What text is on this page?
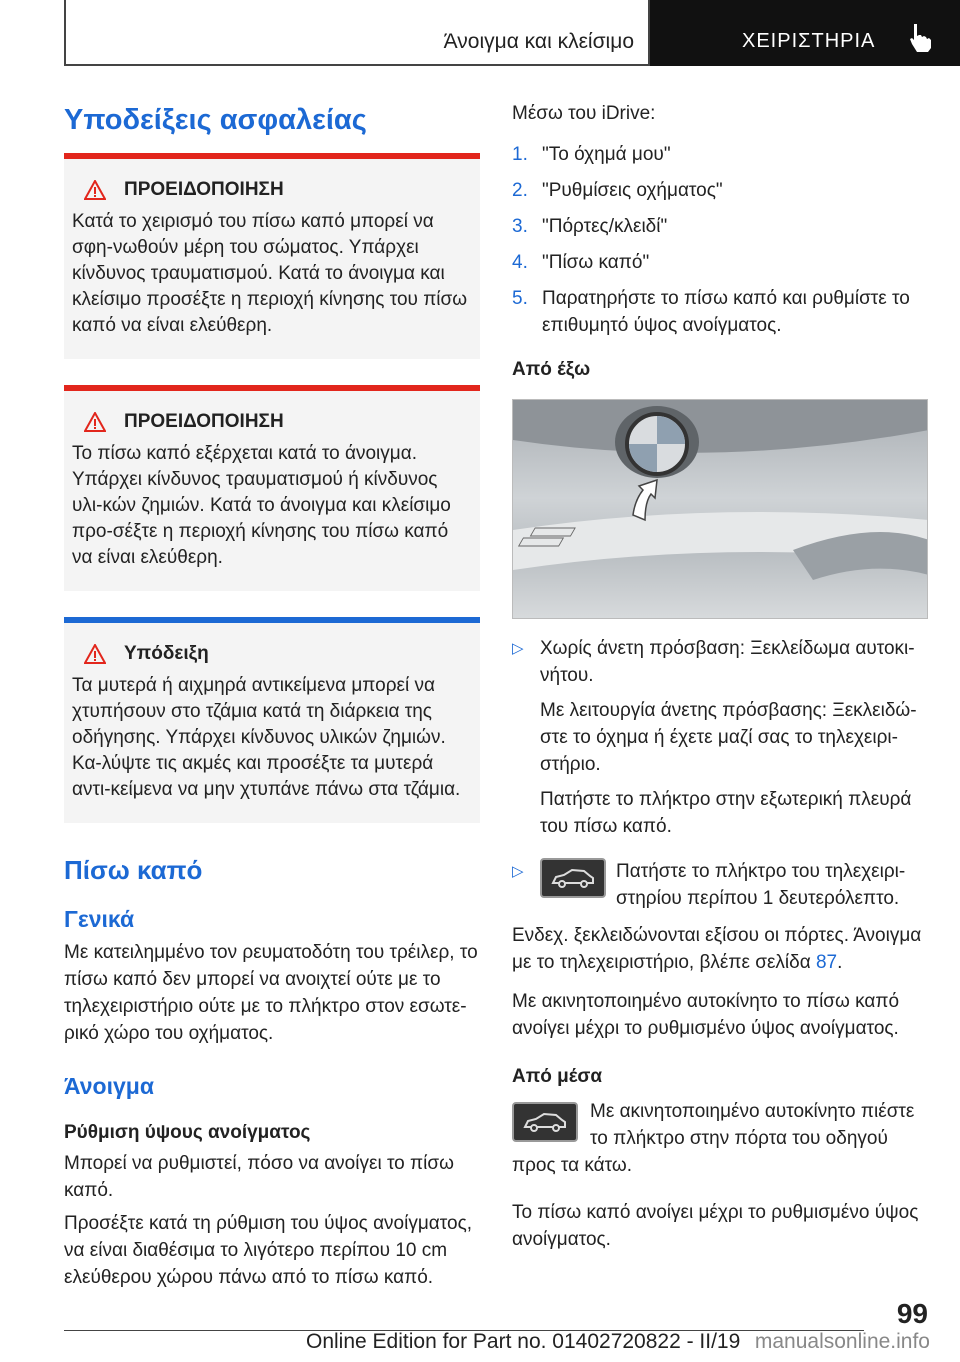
Άνοιγμα και κλείσιμο	ΧΕΙΡΙΣΤΗΡΙΑ
Υποδείξεις ασφαλείας
ΠΡΟΕΙΔΟΠΟΙΗΣΗ

Κατά το χειρισμό του πίσω καπό μπορεί να σφη-νωθούν μέρη του σώματος. Υπάρχει κίνδυνος τραυματισμού. Κατά το άνοιγμα και κλείσιμο προσέξτε η περιοχή κίνησης του πίσω καπό να είναι ελεύθερη.

ΠΡΟΕΙΔΟΠΟΙΗΣΗ

Το πίσω καπό εξέρχεται κατά το άνοιγμα. Υπάρχει κίνδυνος τραυματισμού ή κίνδυνος υλι-κών ζημιών. Κατά το άνοιγμα και κλείσιμο προ-σέξτε η περιοχή κίνησης του πίσω καπό να είναι ελεύθερη.

Υπόδειξη

Τα μυτερά ή αιχμηρά αντικείμενα μπορεί να χτυπήσουν στο τζάμια κατά τη διάρκεια της οδήγησης. Υπάρχει κίνδυνος υλικών ζημιών. Κα-λύψτε τις ακμές και προσέξτε τα μυτερά αντι-κείμενα να μην χτυπάνε πάνω στα τζάμια.

Πίσω καπό
Γενικά

Με κατειλημμένο τον ρευματοδότη του τρέιλερ, το πίσω καπό δεν μπορεί να ανοιχτεί ούτε με το τηλεχειριστήριο ούτε με το πλήκτρο στον εσωτε-ρικό χώρο του οχήματος.

Άνοιγμα
Ρύθμιση ύψους ανοίγματος

Μπορεί να ρυθμιστεί, πόσο να ανοίγει το πίσω καπό.

Προσέξτε κατά τη ρύθμιση του ύψος ανοίγματος, να είναι διαθέσιμα το λιγότερο περίπου 10 cm ελεύθερου χώρου πάνω από το πίσω καπό.

Μέσω του iDrive:

1. "Το όχημά μου"
2. "Ρυθμίσεις οχήματος"
3. "Πόρτες/κλειδί"
4. "Πίσω καπό"
5. Παρατηρήστε το πίσω καπό και ρυθμίστε το επιθυμητό ύψος ανοίγματος.
Από έξω
▷ Χωρίς άνετη πρόσβαση: Ξεκλείδωμα αυτοκι-νήτου.

Με λειτουργία άνετης πρόσβασης: Ξεκλειδώ-στε το όχημα ή έχετε μαζί σας το τηλεχειρι-στήριο.

Πατήστε το πλήκτρο στην εξωτερική πλευρά του πίσω καπό.

▷	Πατήστε το πλήκτρο του τηλεχειρι-στηρίου περίπου 1 δευτερόλεπτο.

Ενδεχ. ξεκλειδώνονται εξίσου οι πόρτες. Άνοιγμα με το τηλεχειριστήριο, βλέπε σελίδα 87.

Με ακινητοποιημένο αυτοκίνητο το πίσω καπό ανοίγει μέχρι το ρυθμισμένο ύψος ανοίγματος.

Από μέσα

Με ακινητοποιημένο αυτοκίνητο πιέστε το πλήκτρο στην πόρτα του οδηγού προς τα κάτω.

Το πίσω καπό ανοίγει μέχρι το ρυθμισμένο ύψος ανοίγματος.

99
Online Edition for Part no. 01402720822 - II/19 manualsonline.info
